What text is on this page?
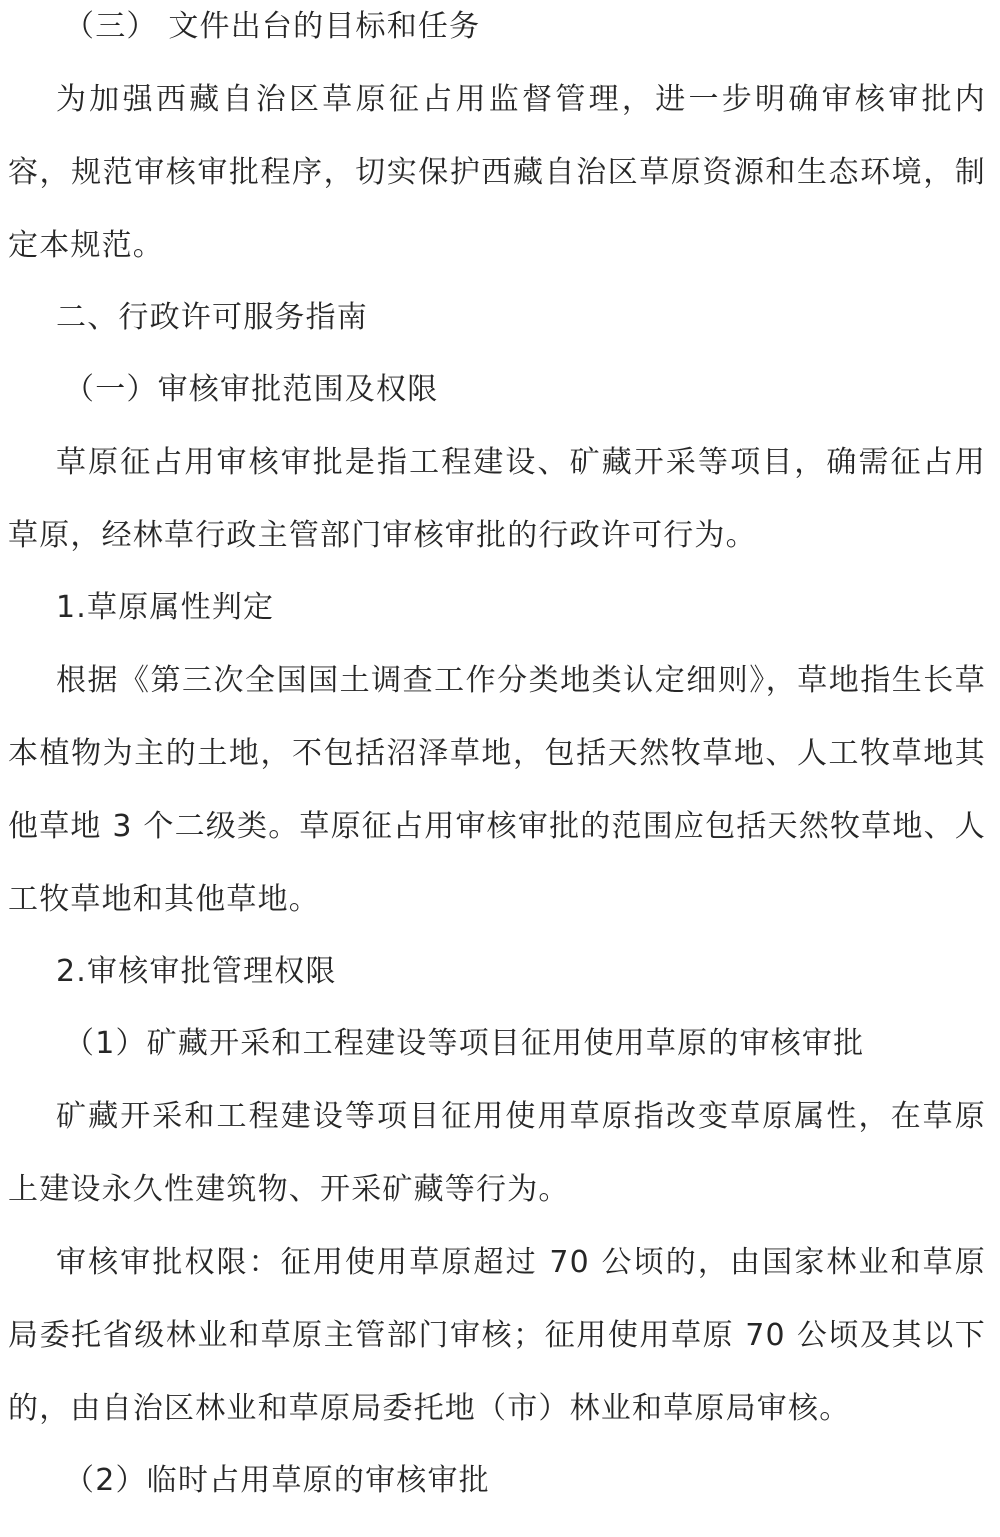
（三） 文件出台的目标和任务

为加强西藏自治区草原征占用监督管理，进一步明确审核审批内容，规范审核审批程序，切实保护西藏自治区草原资源和生态环境，制定本规范。

二、行政许可服务指南

（一）审核审批范围及权限

草原征占用审核审批是指工程建设、矿藏开采等项目，确需征占用草原，经林草行政主管部门审核审批的行政许可行为。

1.草原属性判定

根据《第三次全国国土调查工作分类地类认定细则》，草地指生长草本植物为主的土地，不包括沼泽草地，包括天然牧草地、人工牧草地其他草地 3 个二级类。草原征占用审核审批的范围应包括天然牧草地、人工牧草地和其他草地。

2.审核审批管理权限

（1）矿藏开采和工程建设等项目征用使用草原的审核审批

矿藏开采和工程建设等项目征用使用草原指改变草原属性，在草原上建设永久性建筑物、开采矿藏等行为。

审核审批权限：征用使用草原超过 70 公顷的，由国家林业和草原局委托省级林业和草原主管部门审核；征用使用草原 70 公顷及其以下的，由自治区林业和草原局委托地（市）林业和草原局审核。

（2）临时占用草原的审核审批
